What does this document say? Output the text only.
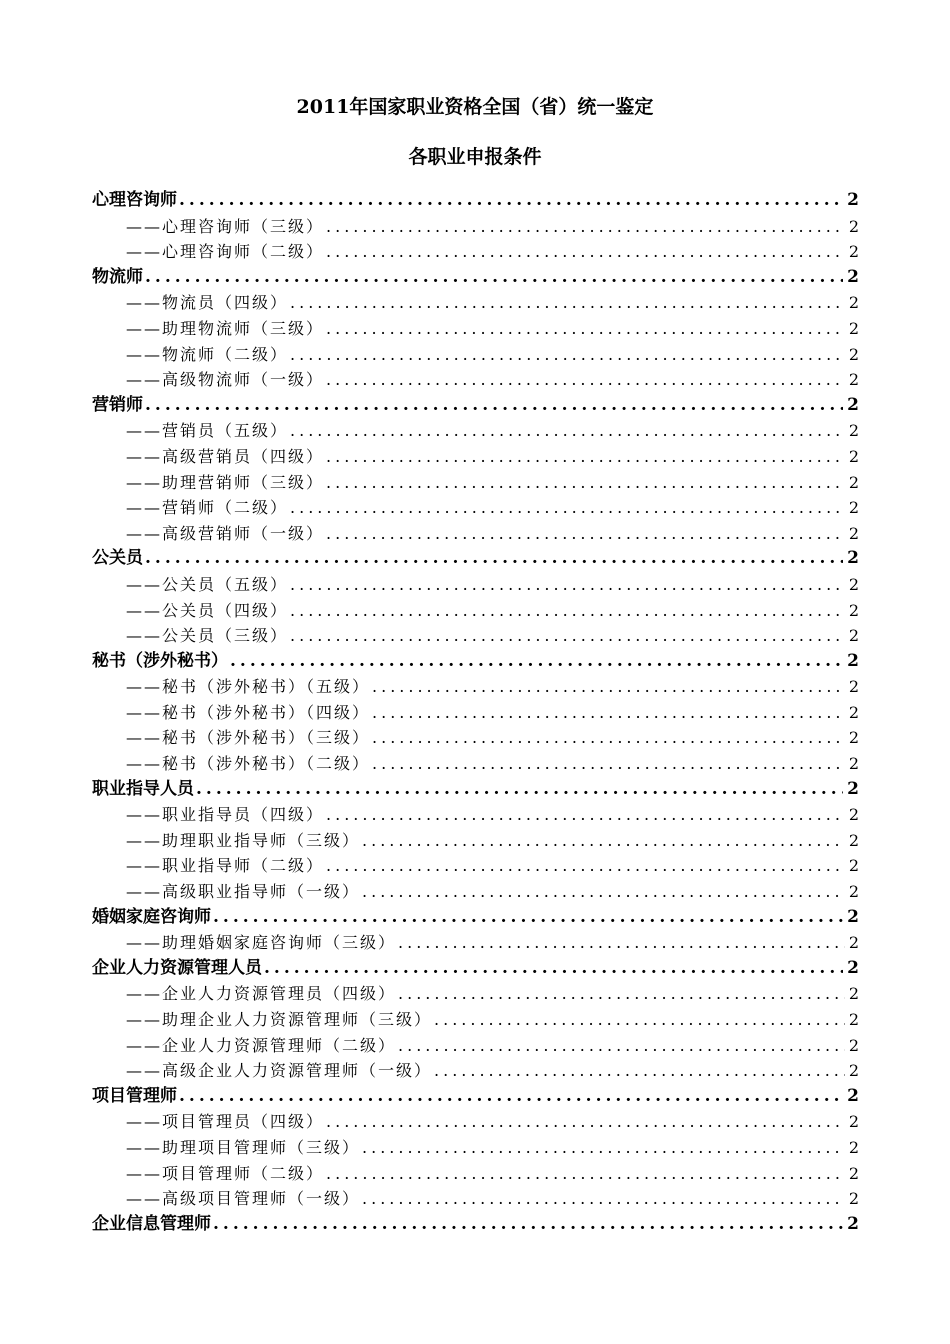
2011年国家职业资格全国（省）统一鉴定
各职业申报条件
心理咨询师 .....	2
——心理咨询师（三级） .....	2
——心理咨询师（二级） .....	2
物流师 .....	2
——物流员（四级） .....	2
——助理物流师（三级） .....	2
——物流师（二级） .....	2
——高级物流师（一级） .....	2
营销师 .....	2
——营销员（五级） .....	2
——高级营销员（四级） .....	2
——助理营销师（三级） .....	2
——营销师（二级） .....	2
——高级营销师（一级） .....	2
公关员 .....	2
——公关员（五级） .....	2
——公关员（四级） .....	2
——公关员（三级） .....	2
秘书（涉外秘书） .....	2
——秘书（涉外秘书）（五级） .....	2
——秘书（涉外秘书）（四级） .....	2
——秘书（涉外秘书）（三级） .....	2
——秘书（涉外秘书）（二级） .....	2
职业指导人员 .....	2
——职业指导员（四级） .....	2
——助理职业指导师（三级） .....	2
——职业指导师（二级） .....	2
——高级职业指导师（一级） .....	2
婚姻家庭咨询师 .....	2
——助理婚姻家庭咨询师（三级） .....	2
企业人力资源管理人员 .....	2
——企业人力资源管理员（四级） .....	2
——助理企业人力资源管理师（三级） .....	2
——企业人力资源管理师（二级） .....	2
——高级企业人力资源管理师（一级） .....	2
项目管理师 .....	2
——项目管理员（四级） .....	2
——助理项目管理师（三级） .....	2
——项目管理师（二级） .....	2
——高级项目管理师（一级） .....	2
企业信息管理师 .....	2
